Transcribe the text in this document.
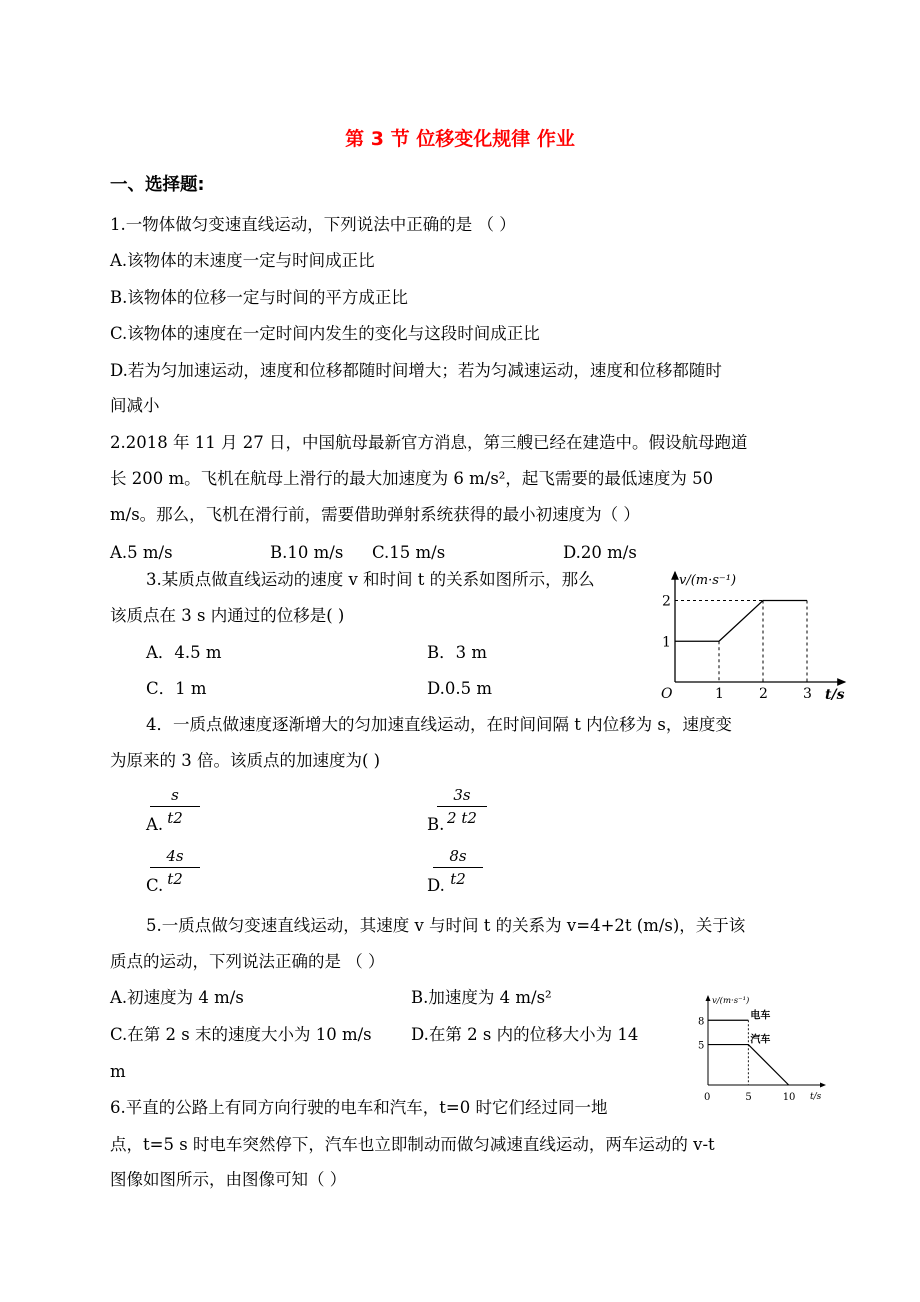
第 3 节 位移变化规律 作业
一、选择题:
1.一物体做匀变速直线运动，下列说法中正确的是 （ ）
A.该物体的末速度一定与时间成正比
B.该物体的位移一定与时间的平方成正比
C.该物体的速度在一定时间内发生的变化与这段时间成正比
D.若为匀加速运动，速度和位移都随时间增大；若为匀减速运动，速度和位移都随时
间减小
2.2018 年 11 月 27 日，中国航母最新官方消息，第三艘已经在建造中。假设航母跑道
长 200 m。飞机在航母上滑行的最大加速度为 6 m/s²，起飞需要的最低速度为 50
m/s。那么，飞机在滑行前，需要借助弹射系统获得的最小初速度为（ ）
A.5 m/s	B.10 m/s C.15 m/s	D.20 m/s
3.某质点做直线运动的速度 v 和时间 t 的关系如图所示，那么
该质点在 3 s 内通过的位移是( )
A．4.5 m	B．3 m
C．1 m	D.0.5 m
v/(m·s⁻¹)
t/s
O	1	2	3
1
2
4．一质点做速度逐渐增大的匀加速直线运动，在时间间隔 t 内位移为 s，速度变
为原来的 3 倍。该质点的加速度为( )
A.
$\frac{s}{t2}$	B.
$\frac{3s}{2 t2}$
C.
$\frac{4s}{t2}$	D.
$\frac{8s}{t2}$
5.一质点做匀变速直线运动，其速度 v 与时间 t 的关系为 v=4+2t (m/s)，关于该
质点的运动，下列说法正确的是 （ ）
A.初速度为 4 m/s	B.加速度为 4 m/s²
C.在第 2 s 末的速度大小为 10 m/s D.在第 2 s 内的位移大小为 14
m
v/(m·s⁻¹)
t/s
0	5	10
8
5
电车
汽车
6.平直的公路上有同方向行驶的电车和汽车，t=0 时它们经过同一地
点，t=5 s 时电车突然停下，汽车也立即制动而做匀减速直线运动，两车运动的 v-t
图像如图所示，由图像可知（ ）
